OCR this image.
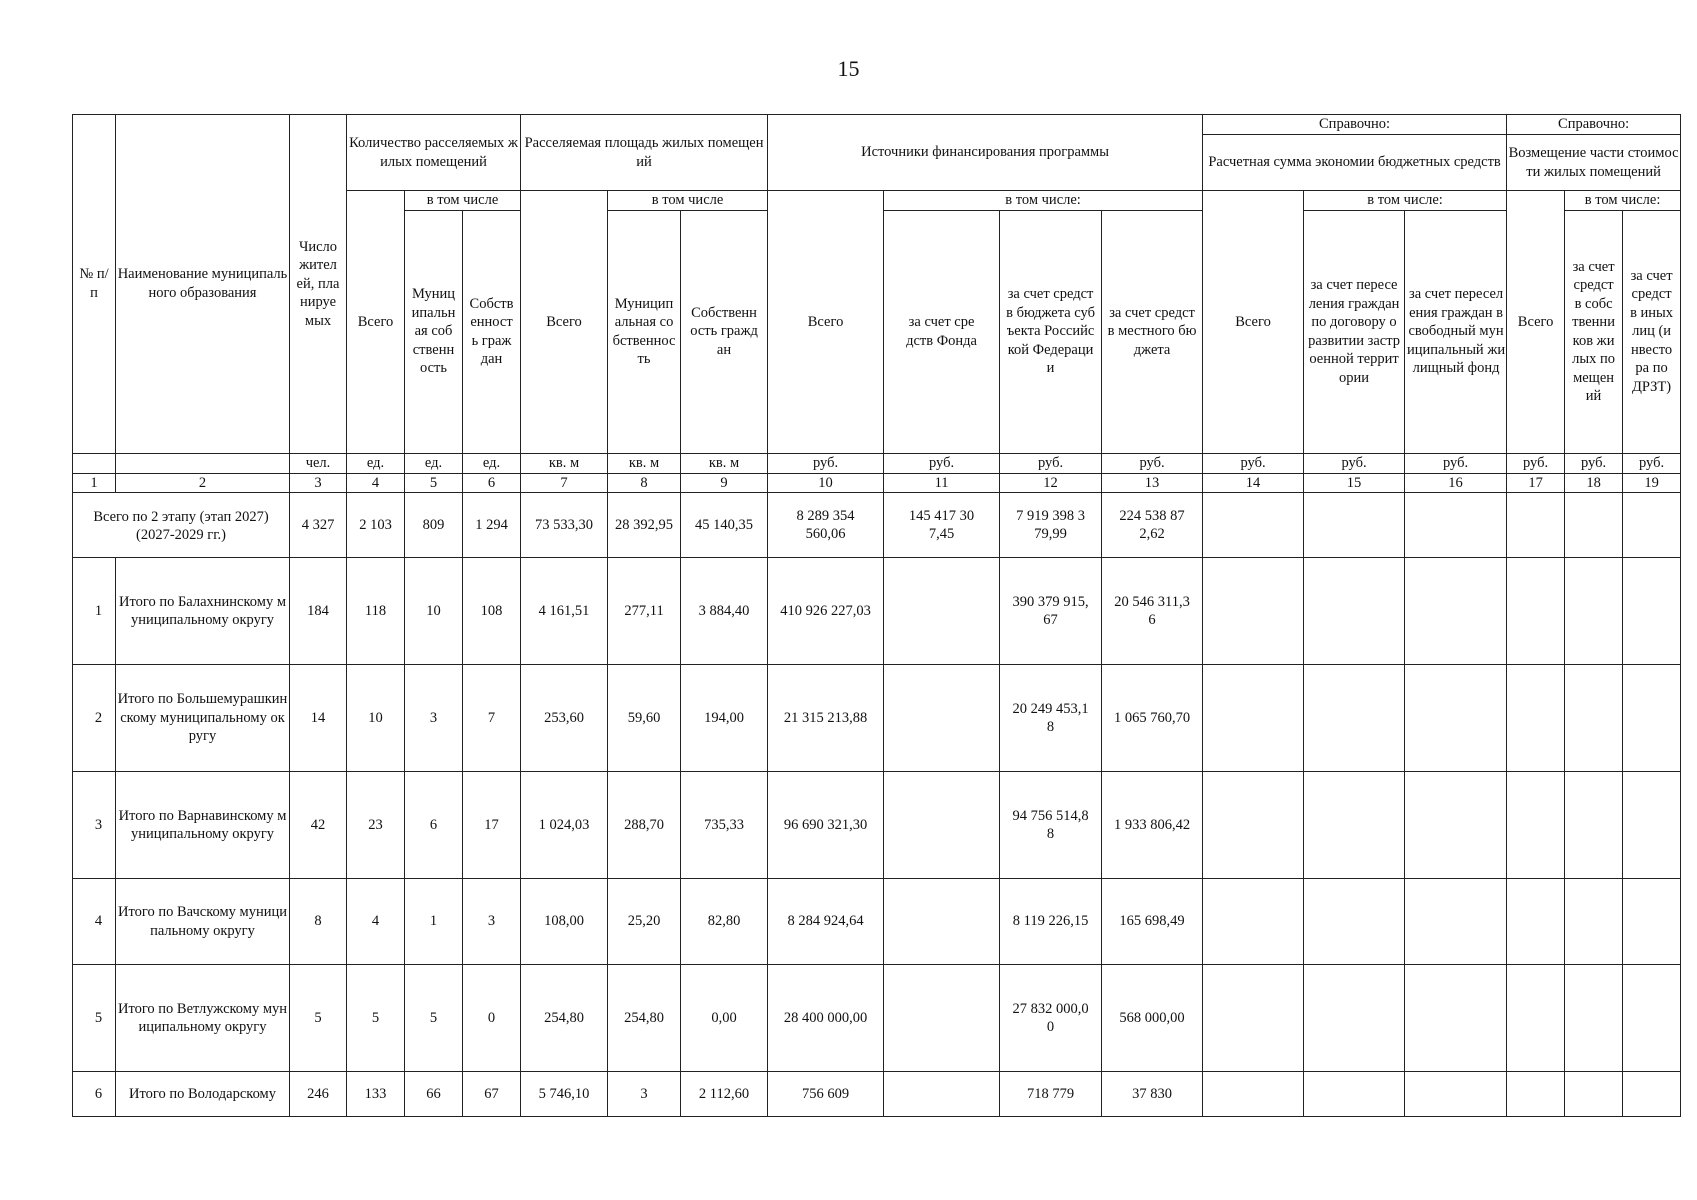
15
№ п/ п	Наименование муниципального образования	Число жителей, планируемых	Количество расселяемых жилых помещений			Расселяемая площадь жилых помещений			Источники финансирования программы				Справочно:			Справочно:		
													Расчетная сумма экономии бюджетных средств			Возмещение части стоимости жилых помещений		
			Всего	в том числе		Всего	в том числе		Всего	в том числе:			Всего	в том числе:		Всего	в том числе:	
				Муниципальная собственность	Собственность граждан		Муниципальная собственность	Собственность граждан		за счет средств Фонда	за счет средств бюджета субъекта Российской Федерации	за счет средств местного бюджета		за счет переселения граждан по договору о развитии застроенной территории	за счет переселения граждан в свободный муниципальный жилищный фонд		за счет средств собственников жилых помещений	за счет средств иных лиц (инвестора по ДРЗТ)
		чел.	ед.	ед.	ед.	кв. м	кв. м	кв. м	руб.	руб.	руб.	руб.	руб.	руб.	руб.	руб.	руб.	руб.
1	2	3	4	5	6	7	8	9	10	11	12	13	14	15	16	17	18	19
Всего по 2 этапу (этап 2027) (2027-2029 гг.)		4 327	2 103	809	1 294	73 533,30	28 392,95	45 140,35	8 289 354 560,06	145 417 307,45	7 919 398 379,99	224 538 872,62						
1	Итого по Балахнинскому муниципальному округу	184	118	10	108	4 161,51	277,11	3 884,40	410 926 227,03		390 379 915,67	20 546 311,36						
2	Итого по Большемурашкинскому муниципальному округу	14	10	3	7	253,60	59,60	194,00	21 315 213,88		20 249 453,18	1 065 760,70						
3	Итого по Варнавинскому муниципальному округу	42	23	6	17	1 024,03	288,70	735,33	96 690 321,30		94 756 514,88	1 933 806,42						
4	Итого по Вачскому муниципальному округу	8	4	1	3	108,00	25,20	82,80	8 284 924,64		8 119 226,15	165 698,49						
5	Итого по Ветлужскому муниципальному округу	5	5	5	0	254,80	254,80	0,00	28 400 000,00		27 832 000,00	568 000,00						
6	Итого по Володарскому	246	133	66	67	5 746,10	3	2 112,60	756 609		718 779	37 830						
